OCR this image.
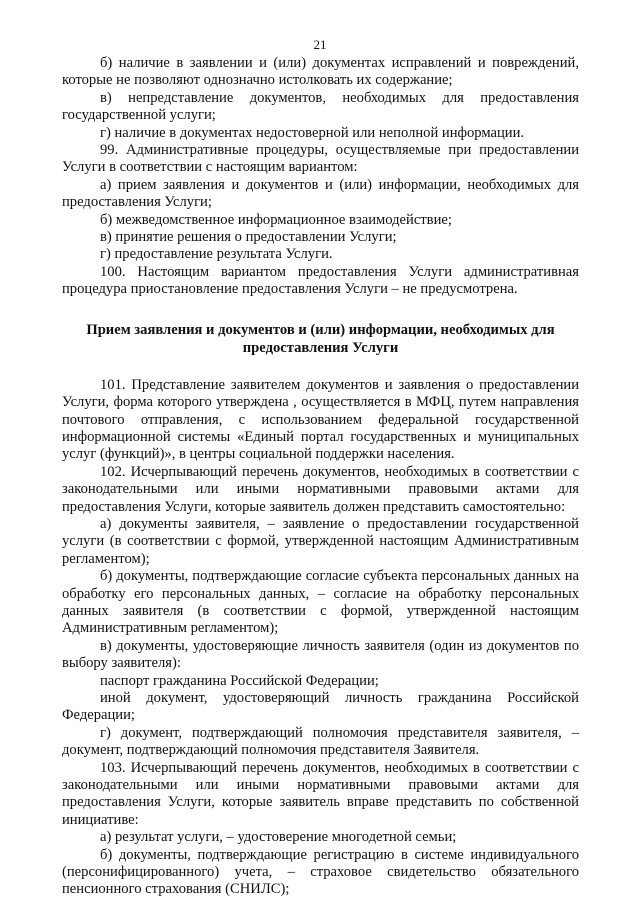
21

б) наличие в заявлении и (или) документах исправлений и повреждений, которые не позволяют однозначно истолковать их содержание;

в) непредставление документов, необходимых для предоставления государственной услуги;

г) наличие в документах недостоверной или неполной информации.

99. Административные процедуры, осуществляемые при предоставлении Услуги в соответствии с настоящим вариантом:

а) прием заявления и документов и (или) информации, необходимых для предоставления Услуги;

б) межведомственное информационное взаимодействие;

в) принятие решения о предоставлении Услуги;

г) предоставление результата Услуги.

100. Настоящим вариантом предоставления Услуги административная процедура приостановление предоставления Услуги – не предусмотрена.

Прием заявления и документов и (или) информации, необходимых для предоставления Услуги

101. Представление заявителем документов и заявления о предоставлении Услуги, форма которого утверждена , осуществляется в МФЦ, путем направления почтового отправления, с использованием федеральной государственной информационной системы «Единый портал государственных и муниципальных услуг (функций)», в центры социальной поддержки населения.

102. Исчерпывающий перечень документов, необходимых в соответствии с законодательными или иными нормативными правовыми актами для предоставления Услуги, которые заявитель должен представить самостоятельно:

а) документы заявителя, – заявление о предоставлении государственной услуги (в соответствии с формой, утвержденной настоящим Административным регламентом);

б) документы, подтверждающие согласие субъекта персональных данных на обработку его персональных данных, – согласие на обработку персональных данных заявителя (в соответствии с формой, утвержденной настоящим Административным регламентом);

в) документы, удостоверяющие личность заявителя (один из документов по выбору заявителя):

паспорт гражданина Российской Федерации;

иной документ, удостоверяющий личность гражданина Российской Федерации;

г) документ, подтверждающий полномочия представителя заявителя, – документ, подтверждающий полномочия представителя Заявителя.

103. Исчерпывающий перечень документов, необходимых в соответствии с законодательными или иными нормативными правовыми актами для предоставления Услуги, которые заявитель вправе представить по собственной инициативе:

а) результат услуги, – удостоверение многодетной семьи;

б) документы, подтверждающие регистрацию в системе индивидуального (персонифицированного) учета, – страховое свидетельство обязательного пенсионного страхования (СНИЛС);
